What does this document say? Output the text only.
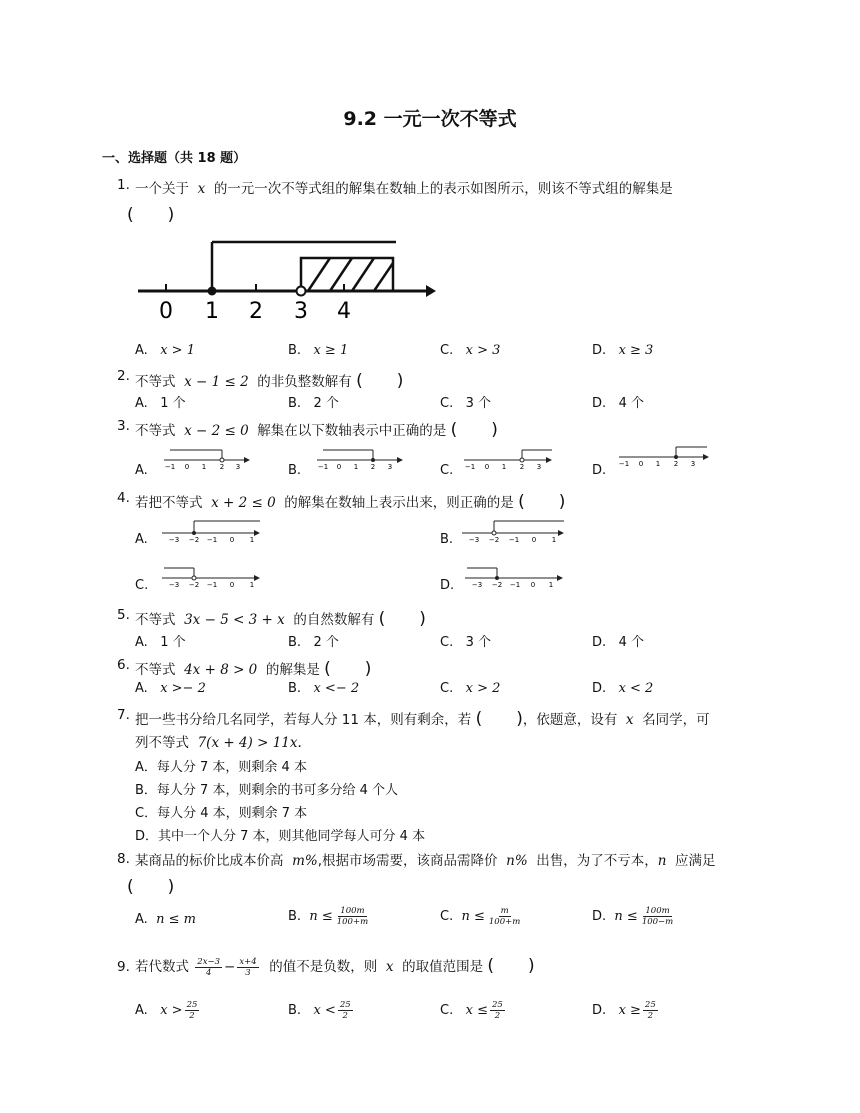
9.2 一元一次不等式
一、选择题（共 18 题）
1. 一个关于 x 的一元一次不等式组的解集在数轴上的表示如图所示，则该不等式组的解集是
(　　)
0 1 2 3 4
A. x > 1	B. x ≥ 1	C. x > 3	D. x ≥ 3
2. 不等式 x − 1 ≤ 2 的非负整数解有 (　　)
A. 1 个	B. 2 个	C. 3 个	D. 4 个
3. 不等式 x − 2 ≤ 0 解集在以下数轴表示中正确的是 (　　)
A. −1 0 1 2 3	B. −1 0 1 2 3	C. −1 0 1 2 3	D. −1 0 1 2 3
4. 若把不等式 x + 2 ≤ 0 的解集在数轴上表示出来，则正确的是 (　　)
A.	−3 −2 −1 0 1	B. −3 −2 −1 0 1
C.	−3 −2 −1 0 1	D.	−3 −2 −1 0 1
5. 不等式 3x − 5 < 3 + x 的自然数解有 (　　)
A. 1 个	B. 2 个	C. 3 个	D. 4 个
6. 不等式 4x + 8 > 0 的解集是 (　　)
A. x >− 2	B. x <− 2	C. x > 2	D. x < 2
7. 把一些书分给几名同学，若每人分 11 本，则有剩余，若 (　　)，依题意，设有 x 名同学，可
列不等式 7(x + 4) > 11x.
A．每人分 7 本，则剩余 4 本
B．每人分 7 本，则剩余的书可多分给 4 个人
C．每人分 4 本，则剩余 7 本
D．其中一个人分 7 本，则其他同学每人可分 4 本
8. 某商品的标价比成本价高 m%,根据市场需要，该商品需降价 n% 出售，为了不亏本，n 应满足
(　　)
A. n ≤ m	B. $n \le \frac{100m}{100+m}$	C. $n \le \frac{m}{100+m}$	D. $n \le \frac{100m}{100-m}$
9. 若代数式 $\frac{2x-3}{4} - \frac{x+4}{3}$ 的值不是负数，则 x 的取值范围是 (　　)
A. $x > \frac{25}{2}$	B. $x < \frac{25}{2}$	C. $x \le \frac{25}{2}$	D. $x \ge \frac{25}{2}$
